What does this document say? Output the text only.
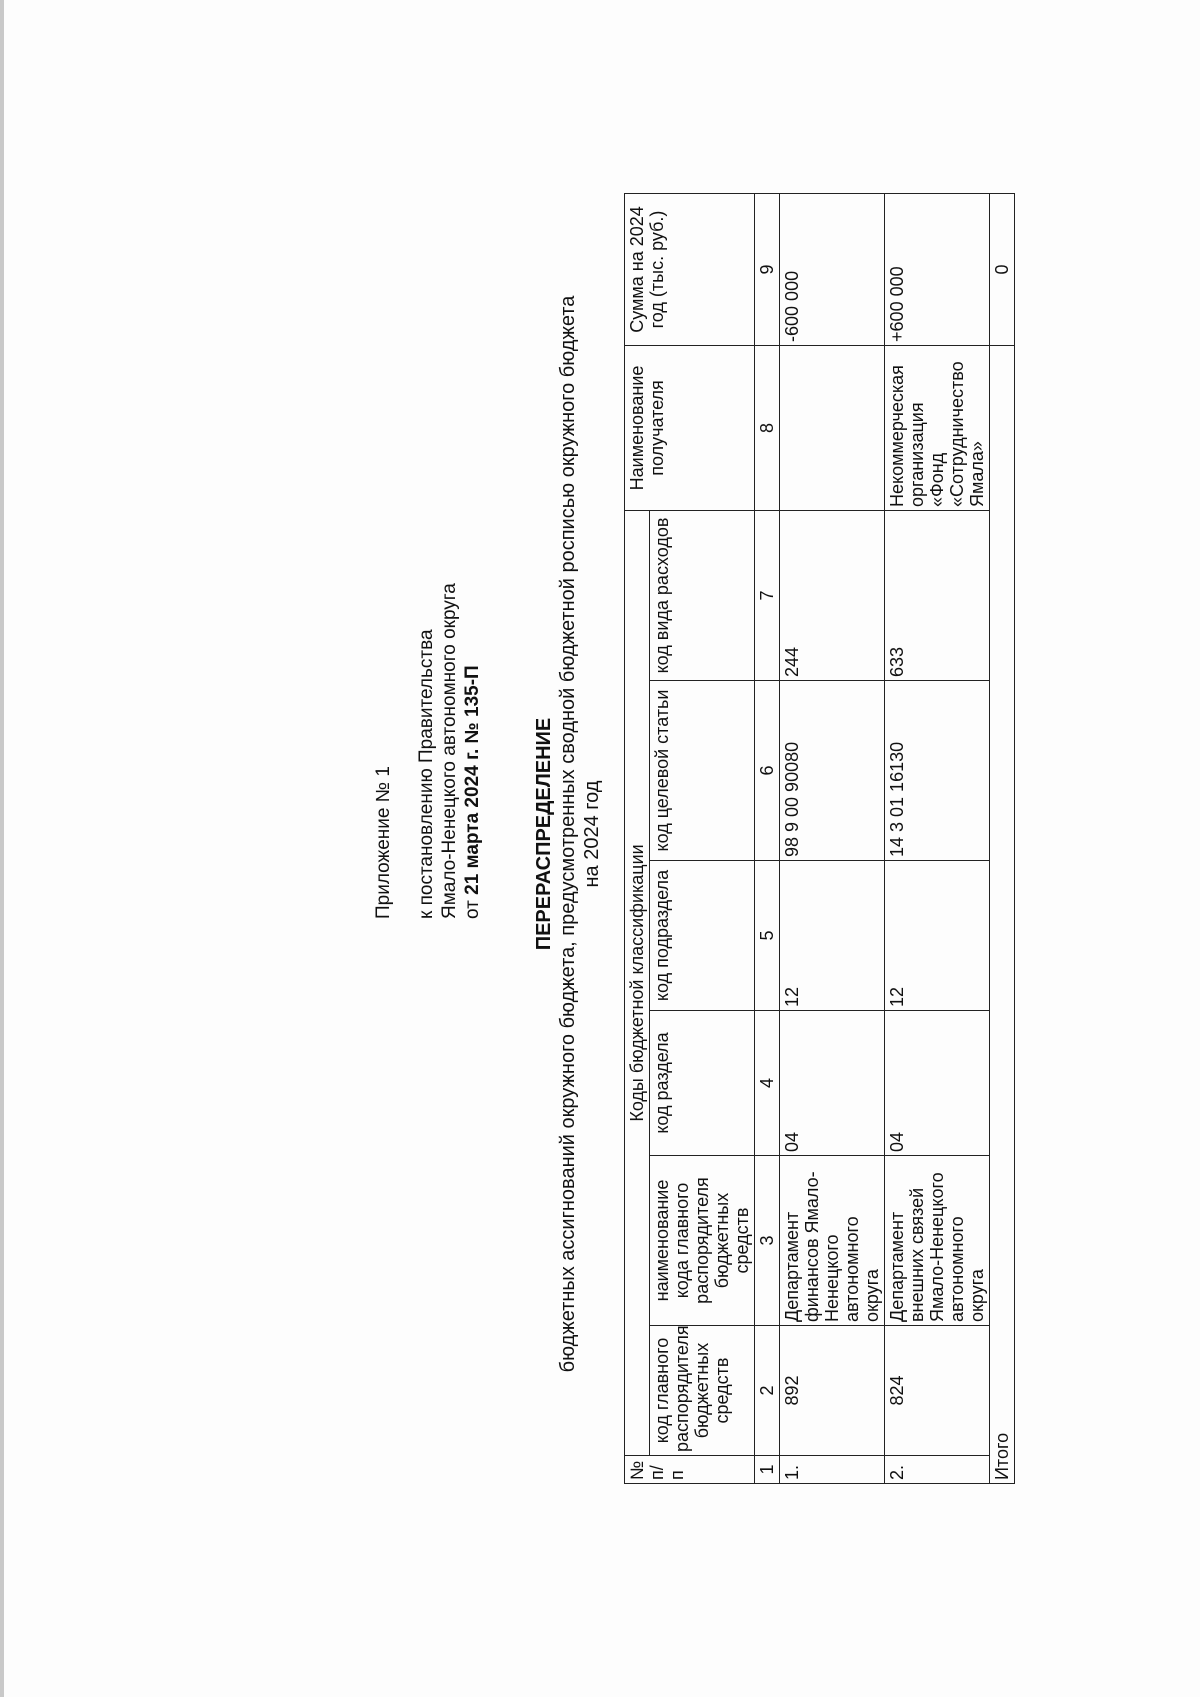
Приложение № 1 к постановлению Правительства Ямало-Ненецкого автономного округа от 21 марта 2024 г. № 135-П	ПЕРЕРАСПРЕДЕЛЕНИЕ бюджетных ассигнований окружного бюджета, предусмотренных сводной бюджетной росписью окружного бюджета на 2024 год
№ п/п	Коды бюджетной классификации						Наименование получателя	Сумма на 2024 год (тыс. руб.)
	код главного распорядителя бюджетных средств	наименование кода главного распорядителя бюджетных средств	код раздела	код подраздела	код целевой статьи	код вида расходов		
1	2	3	4	5	6	7	8	9
1.	892	Департамент финансов Ямало-Ненецкого автономного округа	04	12	98 9 00 90080	244		-600 000
2.	824	Департамент внешних связей Ямало-Ненецкого автономного округа	04	12	14 3 01 16130	633	Некоммерческая организация «Фонд «Сотрудничество Ямала»	+600 000
Итого								0
